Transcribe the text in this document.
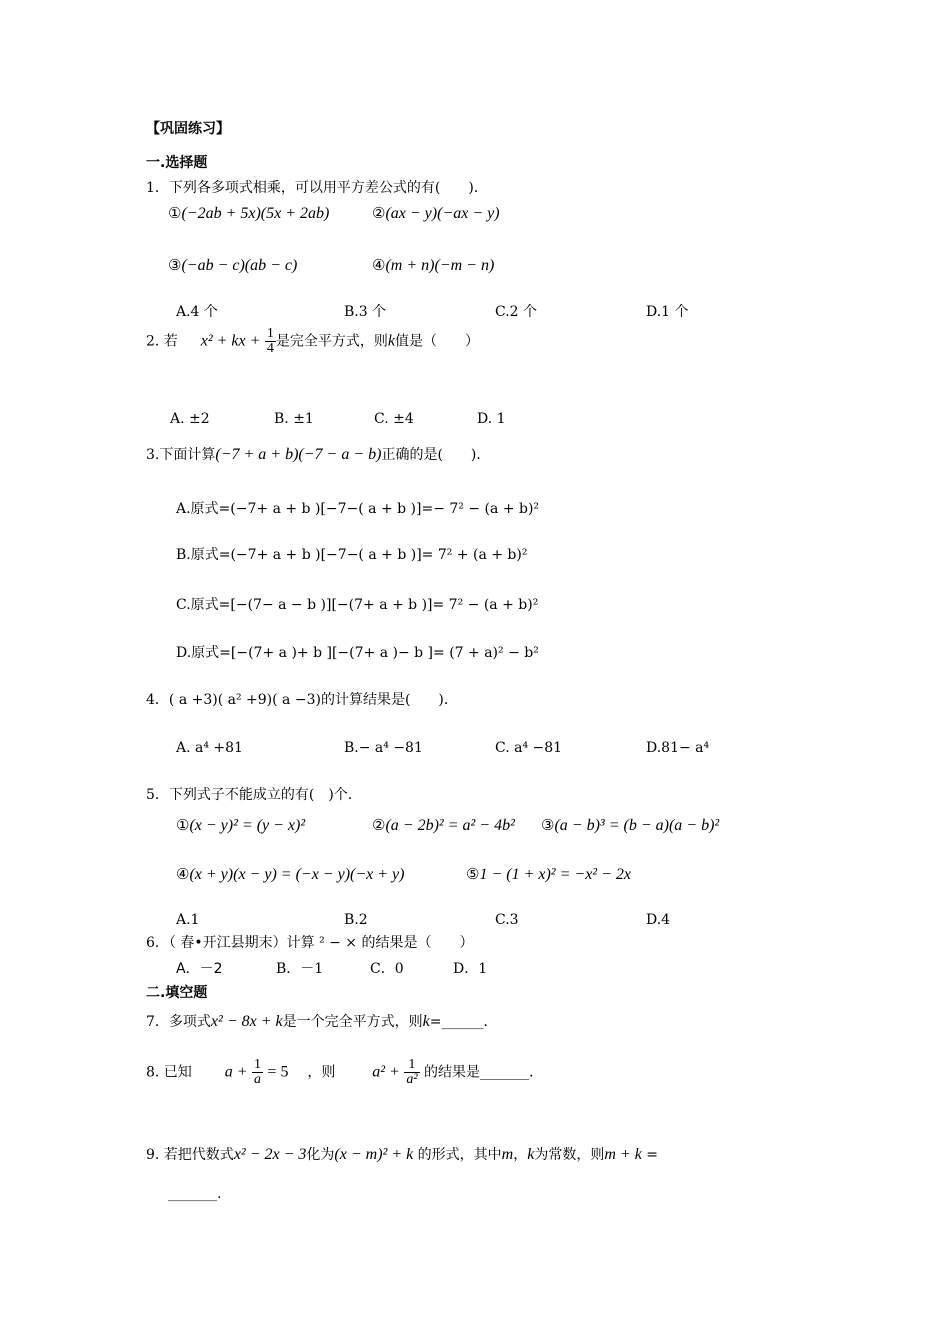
【巩固练习】
一.选择题
1．下列各多项式相乘，可以用平方差公式的有(　　)．
①(−2ab + 5x)(5x + 2ab)	②(ax − y)(−ax − y)
③(−ab − c)(ab − c)	④(m + n)(−m − n)
A.4 个	B.3 个	C.2 个	D.1 个
2. 若 x² + kx + $\frac{1}{4}$ 是完全平方式，则k值是（　　）
A. ±2	B. ±1	C. ±4	D. 1
3.下面计算(−7 + a + b)(−7 − a − b)正确的是(　　)．
A.原式=(−7+ a + b )[−7−( a + b )]=− 7² − (a + b)²
B.原式=(−7+ a + b )[−7−( a + b )]= 7² + (a + b)²
C.原式=[−(7− a − b )][−(7+ a + b )]= 7² − (a + b)²
D.原式=[−(7+ a )+ b ][−(7+ a )− b ]= (7 + a)² − b²
4．( a +3)( a² +9)( a −3)的计算结果是(　　)．
A. a⁴ +81	B.− a⁴ −81	C. a⁴ −81	D.81− a⁴
5．下列式子不能成立的有(　)个．
①(x − y)² = (y − x)²	②(a − 2b)² = a² − 4b² ③(a − b)³ = (b − a)(a − b)²
④(x + y)(x − y) = (−x − y)(−x + y)	⑤1 − (1 + x)² = −x² − 2x
A.1	B.2	C.3	D.4
6．（ 春•开江县期末）计算 ² − × 的结果是（　　）
A．－2	B．－1	C．0	D．1
二.填空题
7．多项式x² − 8x + k是一个完全平方式，则k=______．
8. 已知 $a + \frac{1}{a} = 5$ ，则 $a^2 + \frac{1}{\text{a²}}$ 的结果是_______.
9. 若把代数式x² − 2x − 3化为(x − m)² + k 的形式，其中m，k为常数，则m + k =
_______.
